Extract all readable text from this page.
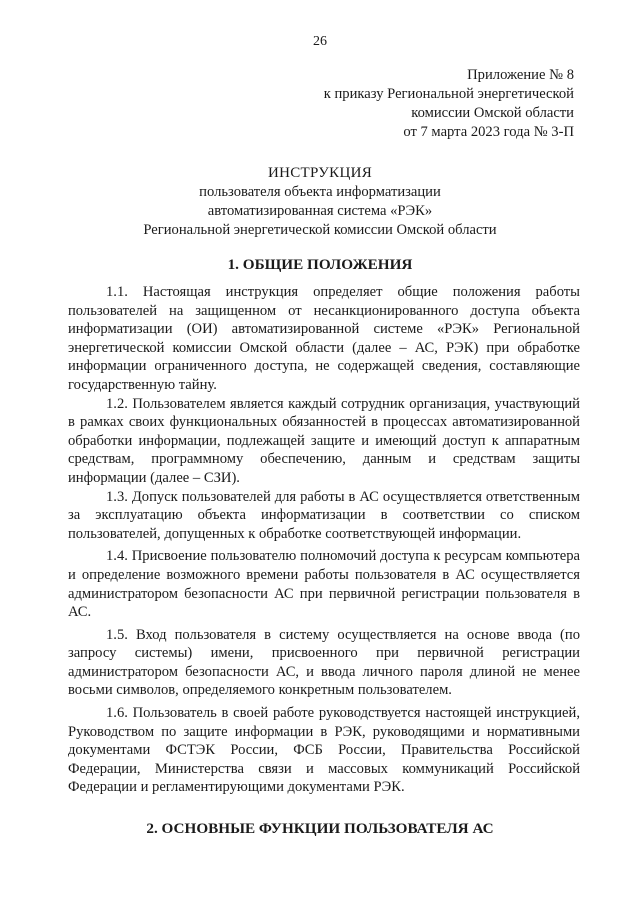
26
Приложение № 8
к приказу Региональной энергетической
комиссии Омской области
от 7 марта 2023 года № 3-П
ИНСТРУКЦИЯ
пользователя объекта информатизации
автоматизированная система «РЭК»
Региональной энергетической комиссии Омской области
1. ОБЩИЕ ПОЛОЖЕНИЯ

1.1. Настоящая инструкция определяет общие положения работы пользователей на защищенном от несанкционированного доступа объекта информатизации (ОИ) автоматизированной системе «РЭК» Региональной энергетической комиссии Омской области (далее – АС, РЭК) при обработке информации ограниченного доступа, не содержащей сведения, составляющие государственную тайну.

1.2. Пользователем является каждый сотрудник организация, участвующий в рамках своих функциональных обязанностей в процессах автоматизированной обработки информации, подлежащей защите и имеющий доступ к аппаратным средствам, программному обеспечению, данным и средствам защиты информации (далее – СЗИ).

1.3. Допуск пользователей для работы в АС осуществляется ответственным за эксплуатацию объекта информатизации в соответствии со списком пользователей, допущенных к обработке соответствующей информации.

1.4. Присвоение пользователю полномочий доступа к ресурсам компьютера и определение возможного времени работы пользователя в АС осуществляется администратором безопасности АС при первичной регистрации пользователя в АС.

1.5. Вход пользователя в систему осуществляется на основе ввода (по запросу системы) имени, присвоенного при первичной регистрации администратором безопасности АС, и ввода личного пароля длиной не менее восьми символов, определяемого конкретным пользователем.

1.6. Пользователь в своей работе руководствуется настоящей инструкцией, Руководством по защите информации в РЭК, руководящими и нормативными документами ФСТЭК России, ФСБ России, Правительства Российской Федерации, Министерства связи и массовых коммуникаций Российской Федерации и регламентирующими документами РЭК.

2. ОСНОВНЫЕ ФУНКЦИИ ПОЛЬЗОВАТЕЛЯ АС
